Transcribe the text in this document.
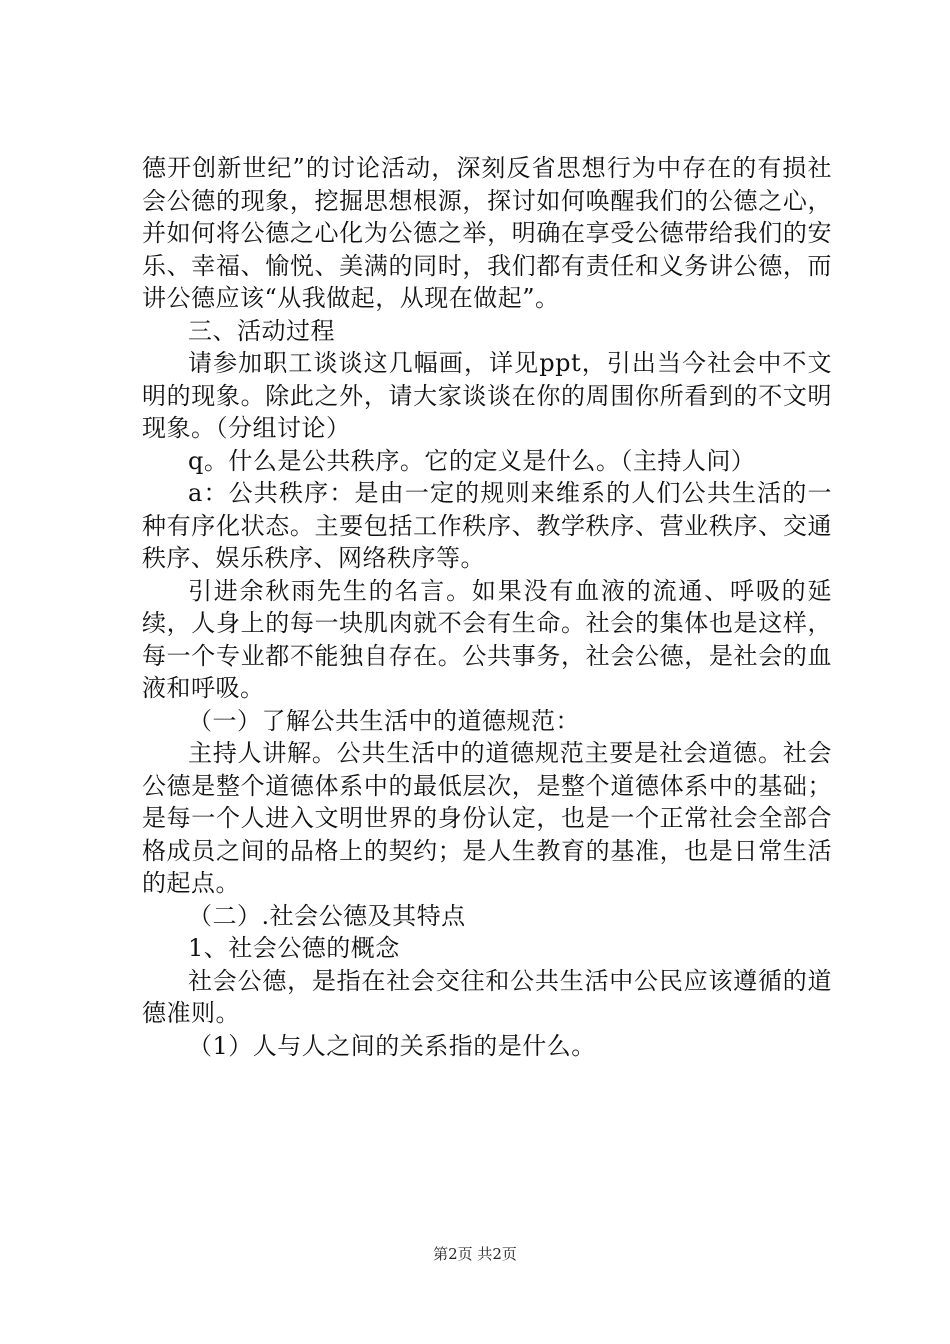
德开创新世纪”的讨论活动，深刻反省思想行为中存在的有损社会公德的现象，挖掘思想根源，探讨如何唤醒我们的公德之心，并如何将公德之心化为公德之举，明确在享受公德带给我们的安乐、幸福、愉悦、美满的同时，我们都有责任和义务讲公德，而讲公德应该“从我做起，从现在做起”。

三、活动过程

请参加职工谈谈这几幅画，详见ppt，引出当今社会中不文明的现象。除此之外，请大家谈谈在你的周围你所看到的不文明现象。（分组讨论）

q。什么是公共秩序。它的定义是什么。（主持人问）

a：公共秩序：是由一定的规则来维系的人们公共生活的一种有序化状态。主要包括工作秩序、教学秩序、营业秩序、交通秩序、娱乐秩序、网络秩序等。

引进余秋雨先生的名言。如果没有血液的流通、呼吸的延续，人身上的每一块肌肉就不会有生命。社会的集体也是这样，每一个专业都不能独自存在。公共事务，社会公德，是社会的血液和呼吸。

（一）了解公共生活中的道德规范：

主持人讲解。公共生活中的道德规范主要是社会道德。社会公德是整个道德体系中的最低层次，是整个道德体系中的基础；是每一个人进入文明世界的身份认定，也是一个正常社会全部合格成员之间的品格上的契约；是人生教育的基准，也是日常生活的起点。

（二）.社会公德及其特点

1、社会公德的概念

社会公德，是指在社会交往和公共生活中公民应该遵循的道德准则。

（1）人与人之间的关系指的是什么。

第2页 共2页
